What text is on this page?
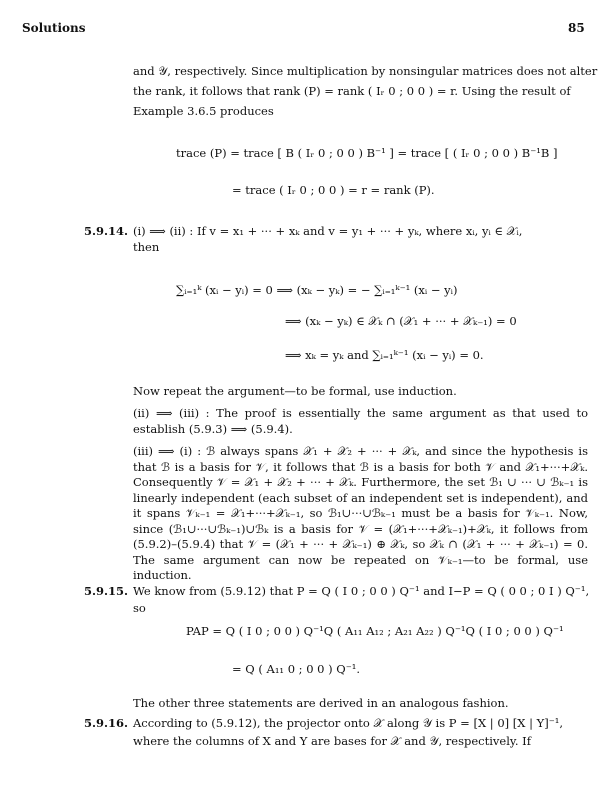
Solutions	85
and 𝒴, respectively. Since multiplication by nonsingular matrices does not alter
the rank, it follows that rank (P) = rank ( Iᵣ 0 ; 0 0 ) = r. Using the result of
Example 3.6.5 produces
trace (P) = trace [ B ( Iᵣ 0 ; 0 0 ) B⁻¹ ] = trace [ ( Iᵣ 0 ; 0 0 ) B⁻¹B ]
= trace ( Iᵣ 0 ; 0 0 ) = r = rank (P).
5.9.14. (i) ⟹ (ii) : If v = x₁ + ··· + xₖ and v = y₁ + ··· + yₖ, where xᵢ, yᵢ ∈ 𝒳ᵢ,
then
∑ᵢ₌₁ᵏ (xᵢ − yᵢ) = 0 ⟹ (xₖ − yₖ) = − ∑ᵢ₌₁ᵏ⁻¹ (xᵢ − yᵢ)
⟹ (xₖ − yₖ) ∈ 𝒳ₖ ∩ (𝒳₁ + ··· + 𝒳ₖ₋₁) = 0
⟹ xₖ = yₖ and ∑ᵢ₌₁ᵏ⁻¹ (xᵢ − yᵢ) = 0.
Now repeat the argument—to be formal, use induction.
(ii) ⟹ (iii) : The proof is essentially the same argument as that used to establish (5.9.3) ⟹ (5.9.4).
(iii) ⟹ (i) : ℬ always spans 𝒳₁ + 𝒳₂ + ··· + 𝒳ₖ, and since the hypothesis is that ℬ is a basis for 𝒱, it follows that ℬ is a basis for both 𝒱 and 𝒳₁+···+𝒳ₖ. Consequently 𝒱 = 𝒳₁ + 𝒳₂ + ··· + 𝒳ₖ. Furthermore, the set ℬ₁ ∪ ··· ∪ ℬₖ₋₁ is linearly independent (each subset of an independent set is independent), and it spans 𝒱ₖ₋₁ = 𝒳₁+···+𝒳ₖ₋₁, so ℬ₁∪···∪ℬₖ₋₁ must be a basis for 𝒱ₖ₋₁. Now, since (ℬ₁∪···∪ℬₖ₋₁)∪ℬₖ is a basis for 𝒱 = (𝒳₁+···+𝒳ₖ₋₁)+𝒳ₖ, it follows from (5.9.2)–(5.9.4) that 𝒱 = (𝒳₁ + ··· + 𝒳ₖ₋₁) ⊕ 𝒳ₖ, so 𝒳ₖ ∩ (𝒳₁ + ··· + 𝒳ₖ₋₁) = 0. The same argument can now be repeated on 𝒱ₖ₋₁—to be formal, use induction.
5.9.15. We know from (5.9.12) that P = Q ( I 0 ; 0 0 ) Q⁻¹ and I−P = Q ( 0 0 ; 0 I ) Q⁻¹,
so
PAP = Q ( I 0 ; 0 0 ) Q⁻¹Q ( A₁₁ A₁₂ ; A₂₁ A₂₂ ) Q⁻¹Q ( I 0 ; 0 0 ) Q⁻¹
= Q ( A₁₁ 0 ; 0 0 ) Q⁻¹.
The other three statements are derived in an analogous fashion.
5.9.16. According to (5.9.12), the projector onto 𝒳 along 𝒴 is P = [X | 0] [X | Y]⁻¹,
where the columns of X and Y are bases for 𝒳 and 𝒴, respectively. If
